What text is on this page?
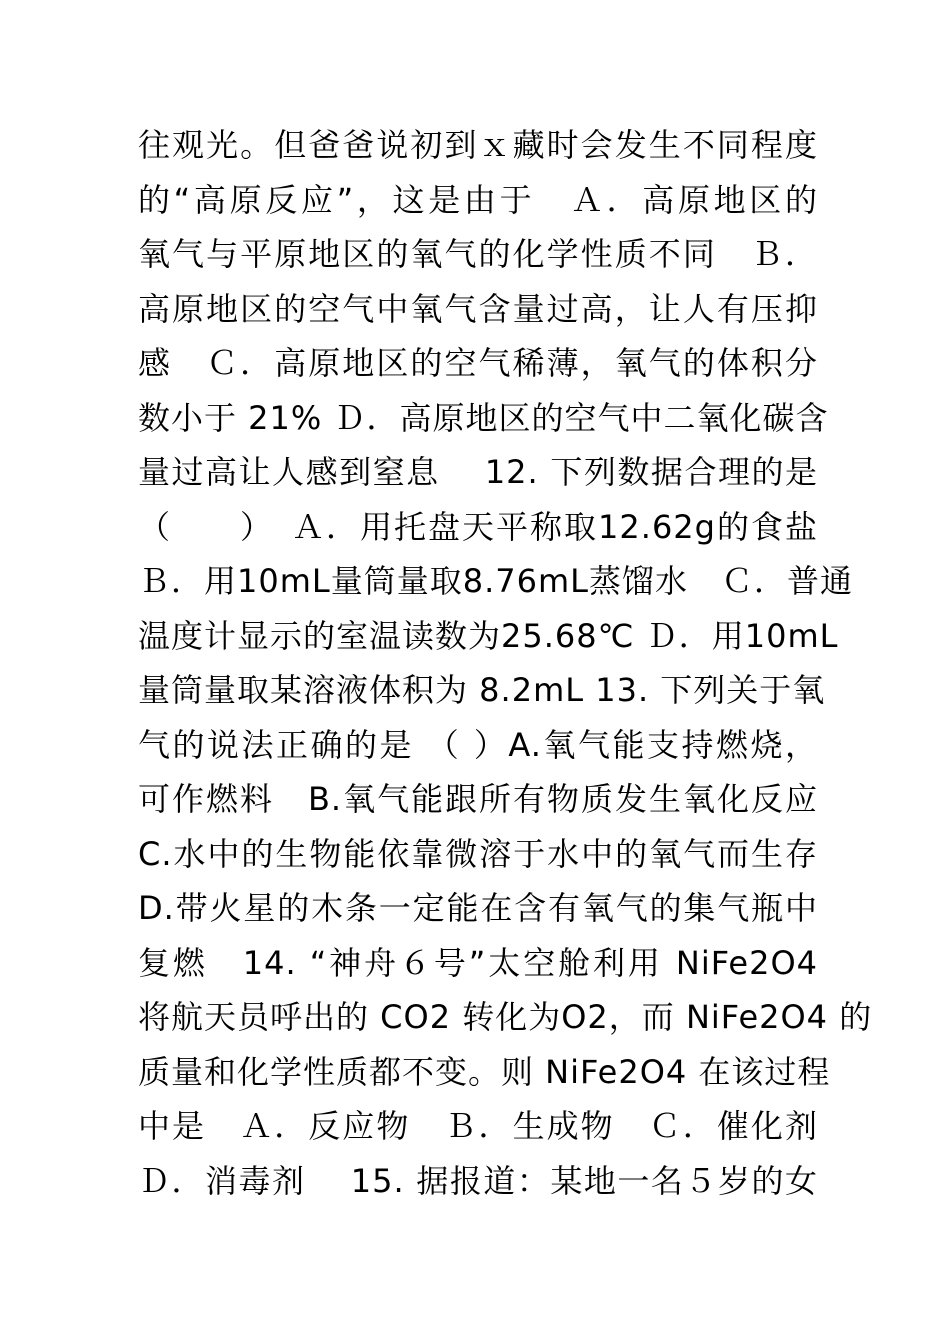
往观光。但爸爸说初到ｘ藏时会发生不同程度
的“高原反应”，这是由于　Ａ．高原地区的
氧气与平原地区的氧气的化学性质不同　Ｂ．
高原地区的空气中氧气含量过高，让人有压抑
感　Ｃ．高原地区的空气稀薄，氧气的体积分
数小于 21% Ｄ．高原地区的空气中二氧化碳含
量过高让人感到窒息　 12. 下列数据合理的是
（　　）　Ａ．用托盘天平称取12.62g的食盐
Ｂ．用10mL量筒量取8.76mL蒸馏水　Ｃ．普通
温度计显示的室温读数为25.68℃ Ｄ．用10mL
量筒量取某溶液体积为 8.2mL 13. 下列关于氧
气的说法正确的是 （ ）A.氧气能支持燃烧，
可作燃料　B.氧气能跟所有物质发生氧化反应
C.水中的生物能依靠微溶于水中的氧气而生存
D.带火星的木条一定能在含有氧气的集气瓶中
复燃　14. “神舟６号”太空舱利用 NiFe2O4
将航天员呼出的 CO2 转化为O2，而 NiFe2O4 的
质量和化学性质都不变。则 NiFe2O4 在该过程
中是　Ａ．反应物　Ｂ．生成物　Ｃ．催化剂
Ｄ．消毒剂　 15. 据报道：某地一名５岁的女
